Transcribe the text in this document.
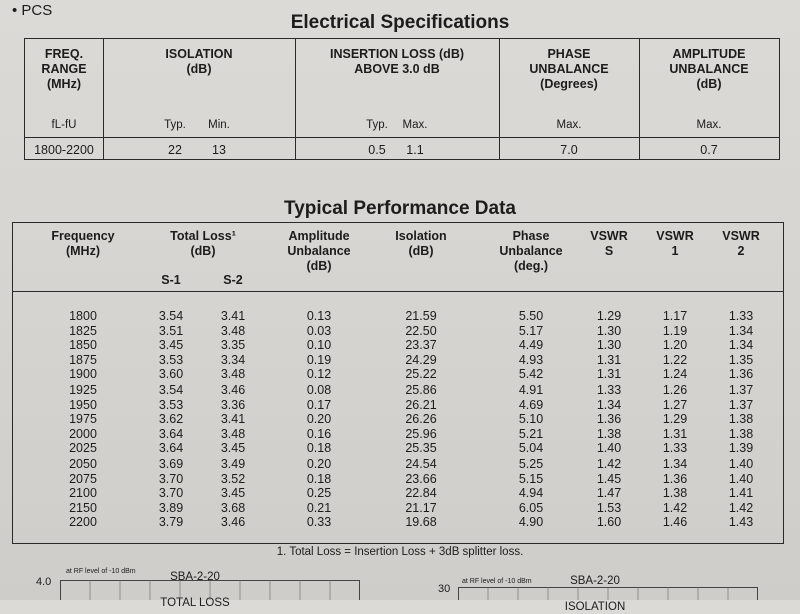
• PCS
Electrical Specifications
FREQ.
RANGE
(MHz)
ISOLATION
(dB)
INSERTION LOSS (dB)
ABOVE 3.0 dB
PHASE
UNBALANCE
(Degrees)
AMPLITUDE
UNBALANCE
(dB)
fL-fU	Typ.	Min.	Typ.	Max.	Max.	Max.
1800-2200	22	13	0.5	1.1	7.0	0.7
Typical Performance Data
Frequency
(MHz)
Total Loss¹
(dB)
Amplitude
Unbalance
(dB)
Isolation
(dB)
Phase
Unbalance
(deg.)
VSWR
S
VSWR
1
VSWR
2
S-1	S-2
1800	3.54	3.41	0.13	21.59	5.50	1.29	1.17	1.33
1825	3.51	3.48	0.03	22.50	5.17	1.30	1.19	1.34
1850	3.45	3.35	0.10	23.37	4.49	1.30	1.20	1.34
1875	3.53	3.34	0.19	24.29	4.93	1.31	1.22	1.35
1900	3.60	3.48	0.12	25.22	5.42	1.31	1.24	1.36
1925	3.54	3.46	0.08	25.86	4.91	1.33	1.26	1.37
1950	3.53	3.36	0.17	26.21	4.69	1.34	1.27	1.37
1975	3.62	3.41	0.20	26.26	5.10	1.36	1.29	1.38
2000	3.64	3.48	0.16	25.96	5.21	1.38	1.31	1.38
2025	3.64	3.45	0.18	25.35	5.04	1.40	1.33	1.39
2050	3.69	3.49	0.20	24.54	5.25	1.42	1.34	1.40
2075	3.70	3.52	0.18	23.66	5.15	1.45	1.36	1.40
2100	3.70	3.45	0.25	22.84	4.94	1.47	1.38	1.41
2150	3.89	3.68	0.21	21.17	6.05	1.53	1.42	1.42
2200	3.79	3.46	0.33	19.68	4.90	1.60	1.46	1.43
1. Total Loss = Insertion Loss + 3dB splitter loss.

SBA-2-20

TOTAL LOSS

at RF level of -10 dBm
4.0	SBA-2-20

ISOLATION

at RF level of -10 dBm
30
